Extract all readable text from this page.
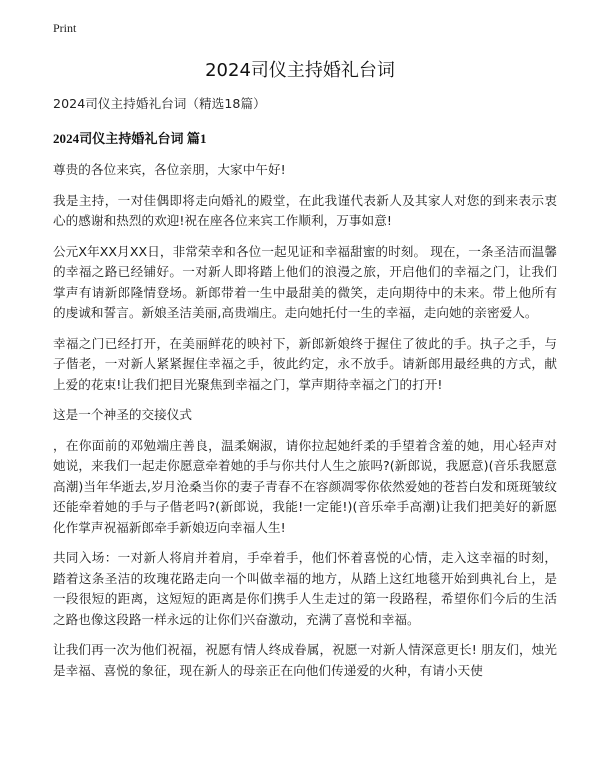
Print
2024司仪主持婚礼台词

2024司仪主持婚礼台词（精选18篇）

2024司仪主持婚礼台词 篇1

尊贵的各位来宾，各位亲朋，大家中午好!

我是主持，一对佳偶即将走向婚礼的殿堂，在此我谨代表新人及其家人对您的到来表示衷心的感谢和热烈的欢迎!祝在座各位来宾工作顺利，万事如意!

公元X年XX月XX日，非常荣幸和各位一起见证和幸福甜蜜的时刻。 现在，一条圣洁而温馨的幸福之路已经铺好。一对新人即将踏上他们的浪漫之旅，开启他们的幸福之门，让我们掌声有请新郎隆情登场。新郎带着一生中最甜美的微笑，走向期待中的未来。带上他所有的虔诚和誓言。新娘圣洁美丽,高贵端庄。走向她托付一生的幸福，走向她的亲密爱人。

幸福之门已经打开，在美丽鲜花的映衬下，新郎新娘终于握住了彼此的手。执子之手，与子偕老，一对新人紧紧握住幸福之手，彼此约定，永不放手。请新郎用最经典的方式，献上爱的花束!让我们把目光聚焦到幸福之门，掌声期待幸福之门的打开!

这是一个神圣的交接仪式

，在你面前的邓勉端庄善良，温柔娴淑，请你拉起她纤柔的手望着含羞的她，用心轻声对她说，来我们一起走你愿意牵着她的手与你共付人生之旅吗?(新郎说，我愿意)(音乐我愿意高潮)当年华逝去,岁月沧桑当你的妻子青春不在容颜凋零你依然爱她的苍苔白发和斑斑皱纹还能牵着她的手与子偕老吗?(新郎说，我能!一定能!)(音乐牵手高潮)让我们把美好的新愿化作掌声祝福新郎牵手新娘迈向幸福人生!

共同入场：一对新人将肩并着肩，手牵着手，他们怀着喜悦的心情，走入这幸福的时刻，踏着这条圣洁的玫瑰花路走向一个叫做幸福的地方，从踏上这红地毯开始到典礼台上，是一段很短的距离，这短短的距离是你们携手人生走过的第一段路程，希望你们今后的生活之路也像这段路一样永远的让你们兴奋激动，充满了喜悦和幸福。

让我们再一次为他们祝福，祝愿有情人终成眷属，祝愿一对新人情深意更长! 朋友们，烛光是幸福、喜悦的象征，现在新人的母亲正在向他们传递爱的火种，有请小天使
